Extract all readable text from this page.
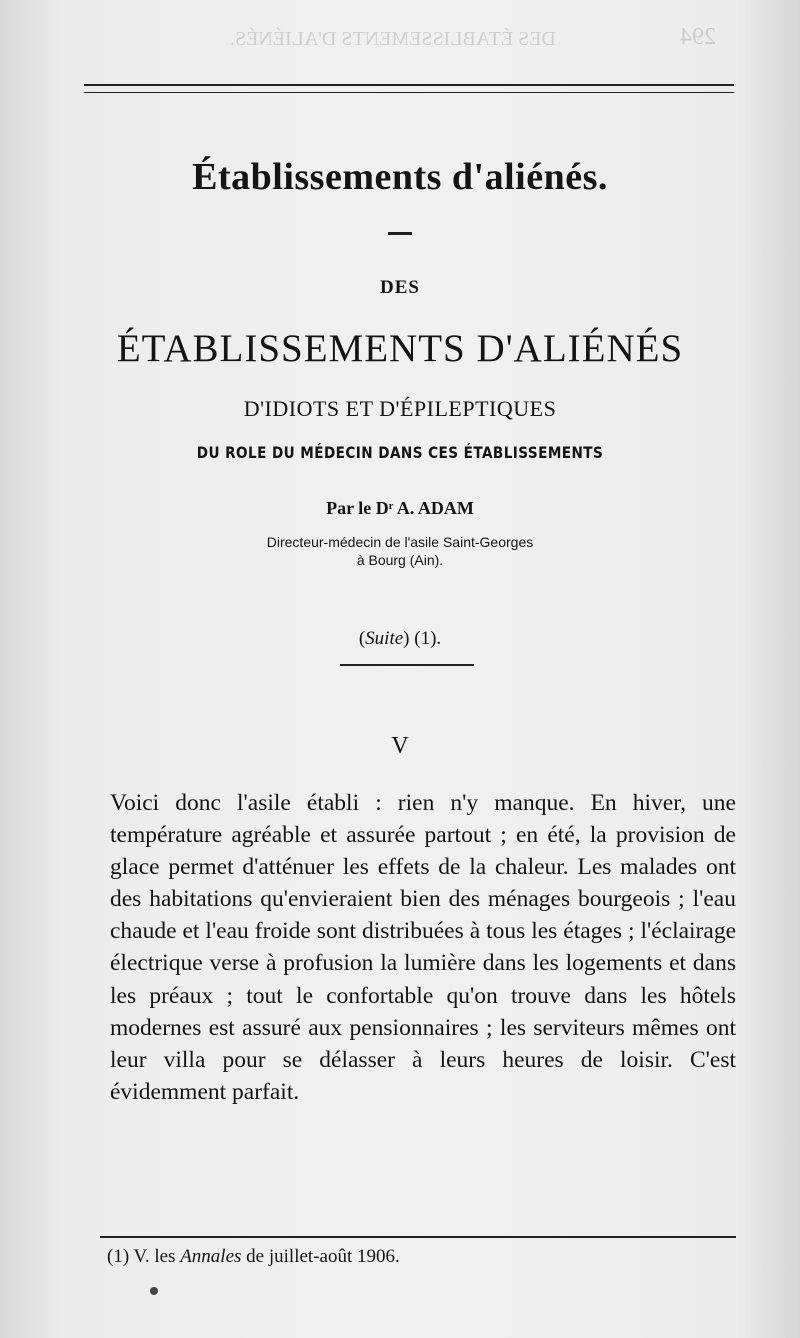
DES ÉTABLISSEMENTS D'ALIÉNÉS.	294
Établissements d'aliénés.
DES
ÉTABLISSEMENTS D'ALIÉNÉS
D'IDIOTS ET D'ÉPILEPTIQUES
DU ROLE DU MÉDECIN DANS CES ÉTABLISSEMENTS
Par le Dʳ A. ADAM
Directeur-médecin de l'asile Saint-Georges
à Bourg (Ain).
(Suite) (1).
V

Voici donc l'asile établi : rien n'y manque. En hiver, une température agréable et assurée partout ; en été, la provision de glace permet d'atténuer les effets de la chaleur. Les malades ont des habitations qu'envieraient bien des ménages bourgeois ; l'eau chaude et l'eau froide sont distribuées à tous les étages ; l'éclairage électrique verse à profusion la lumière dans les logements et dans les préaux ; tout le confortable qu'on trouve dans les hôtels modernes est assuré aux pensionnaires ; les serviteurs mêmes ont leur villa pour se délasser à leurs heures de loisir. C'est évidemment parfait.

(1) V. les Annales de juillet-août 1906.
